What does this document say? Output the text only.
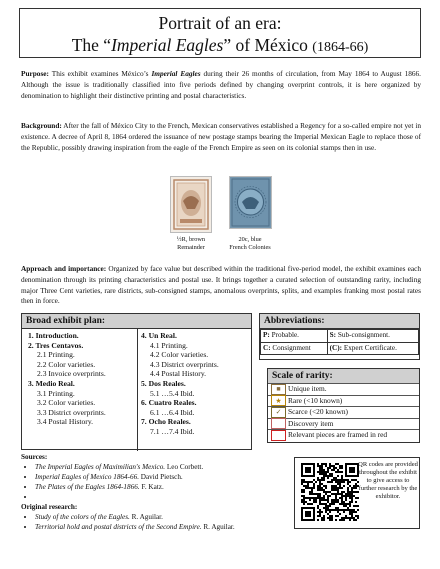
Portrait of an era:
The “Imperial Eagles” of México (1864-66)

Purpose: This exhibit examines México’s Imperial Eagles during their 26 months of circulation, from May 1864 to August 1866. Although the issue is traditionally classified into five periods defined by changing overprint controls, it is here organized by denomination to highlight their distinctive printing and postal characteristics.

Background: After the fall of México City to the French, Mexican conservatives established a Regency for a so-called empire not yet in existence. A decree of April 8, 1864 ordered the issuance of new postage stamps bearing the Imperial Mexican Eagle to replace those of the Republic, possibly drawing inspiration from the eagle of the French Empire as seen on its colonial stamps then in use.

½R, brown
Remainder
20c, blue
French Colonies

Approach and importance: Organized by face value but described within the traditional five-period model, the exhibit examines each denomination through its printing characteristics and postal use. It brings together a curated selection of outstanding rarity, including major Three Cent varieties, rare districts, sub-consigned stamps, anomalous overprints, splits, and examples franking most postal rates then in force.

Broad exhibit plan:
1. Introduction.
2. Tres Centavos.
2.1 Printing.
2.2 Color varieties.
2.3 Invoice overprints.
3. Medio Real.
3.1 Printing.
3.2 Color varieties.
3.3 District overprints.
3.4 Postal History.
4. Un Real.
4.1 Printing.
4.2 Color varieties.
4.3 District overprints.
4.4 Postal History.
5. Dos Reales.
5.1 …5.4 Ibid.
6. Cuatro Reales.
6.1 …6.4 Ibid.
7. Ocho Reales.
7.1 …7.4 Ibid.
Abbreviations:
P: Probable.	S: Sub-consignment.
C: Consignment	(C): Expert Certificate.
Scale of rarity:
■ Unique item.
★ Rare (<10 known)
✓ Scarce (<20 known)
Discovery item
Relevant pieces are framed in red
Sources:
• The Imperial Eagles of Maximilian's Mexico. Leo Corbett.
• Imperial Eagles of Mexico 1864-66. David Pietsch.
• The Plates of the Eagles 1864-1866. F. Katz.
•
Original research:
• Study of the colors of the Eagles. R. Aguilar.
• Territorial hold and postal districts of the Second Empire. R. Aguilar.
QR codes are provided throughout the exhibit to give access to further research by the exhibitor.
